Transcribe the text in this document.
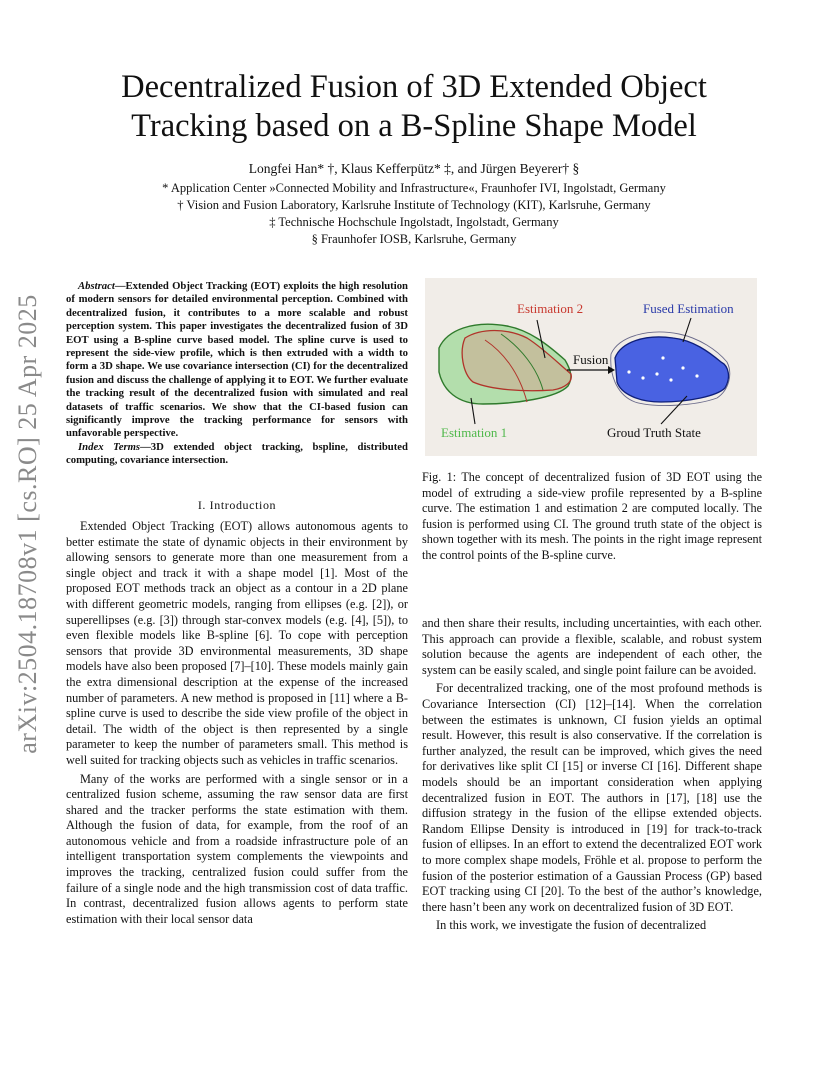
arXiv:2504.18708v1 [cs.RO] 25 Apr 2025
Decentralized Fusion of 3D Extended Object
Tracking based on a B-Spline Shape Model
Longfei Han* †, Klaus Kefferpütz* ‡, and Jürgen Beyerer† §
* Application Center »Connected Mobility and Infrastructure«, Fraunhofer IVI, Ingolstadt, Germany
† Vision and Fusion Laboratory, Karlsruhe Institute of Technology (KIT), Karlsruhe, Germany
‡ Technische Hochschule Ingolstadt, Ingolstadt, Germany
§ Fraunhofer IOSB, Karlsruhe, Germany

Abstract—Extended Object Tracking (EOT) exploits the high resolution of modern sensors for detailed environmental perception. Combined with decentralized fusion, it contributes to a more scalable and robust perception system. This paper investigates the decentralized fusion of 3D EOT using a B-spline curve based model. The spline curve is used to represent the side-view profile, which is then extruded with a width to form a 3D shape. We use covariance intersection (CI) for the decentralized fusion and discuss the challenge of applying it to EOT. We further evaluate the tracking result of the decentralized fusion with simulated and real datasets of traffic scenarios. We show that the CI-based fusion can significantly improve the tracking performance for sensors with unfavorable perspective.

Index Terms—3D extended object tracking, bspline, distributed computing, covariance intersection.

I. Introduction

Extended Object Tracking (EOT) allows autonomous agents to better estimate the state of dynamic objects in their environment by allowing sensors to generate more than one measurement from a single object and track it with a shape model [1]. Most of the proposed EOT methods track an object as a contour in a 2D plane with different geometric models, ranging from ellipses (e.g. [2]), or superellipses (e.g. [3]) through star-convex models (e.g. [4], [5]), to even flexible models like B-spline [6]. To cope with perception sensors that provide 3D environmental measurements, 3D shape models have also been proposed [7]–[10]. These models mainly gain the extra dimensional description at the expense of the increased number of parameters. A new method is proposed in [11] where a B-spline curve is used to describe the side view profile of the object in detail. The width of the object is then represented by a single parameter to keep the number of parameters small. This method is well suited for tracking objects such as vehicles in traffic scenarios.

Many of the works are performed with a single sensor or in a centralized fusion scheme, assuming the raw sensor data are first shared and the tracker performs the state estimation with them. Although the fusion of data, for example, from the roof of an autonomous vehicle and from a roadside infrastructure pole of an intelligent transportation system complements the viewpoints and improves the tracking, centralized fusion could suffer from the failure of a single node and the high transmission cost of data traffic. In contrast, decentralized fusion allows agents to perform state estimation with their local sensor data

Estimation 2	Fused Estimation
Fusion
Estimation 1	Groud Truth State
Fig. 1: The concept of decentralized fusion of 3D EOT using the model of extruding a side-view profile represented by a B-spline curve. The estimation 1 and estimation 2 are computed locally. The fusion is performed using CI. The ground truth state of the object is shown together with its mesh. The points in the right image represent the control points of the B-spline curve.

and then share their results, including uncertainties, with each other. This approach can provide a flexible, scalable, and robust system solution because the agents are independent of each other, the system can be easily scaled, and single point failure can be avoided.

For decentralized tracking, one of the most profound methods is Covariance Intersection (CI) [12]–[14]. When the correlation between the estimates is unknown, CI fusion yields an optimal result. However, this result is also conservative. If the correlation is further analyzed, the result can be improved, which gives the need for derivatives like split CI [15] or inverse CI [16]. Different shape models should be an important consideration when applying decentralized fusion in EOT. The authors in [17], [18] use the diffusion strategy in the fusion of the ellipse extended objects. Random Ellipse Density is introduced in [19] for track-to-track fusion of ellipses. In an effort to extend the decentralized EOT work to more complex shape models, Fröhle et al. propose to perform the fusion of the posterior estimation of a Gaussian Process (GP) based EOT tracking using CI [20]. To the best of the author’s knowledge, there hasn’t been any work on decentralized fusion of 3D EOT.

In this work, we investigate the fusion of decentralized
